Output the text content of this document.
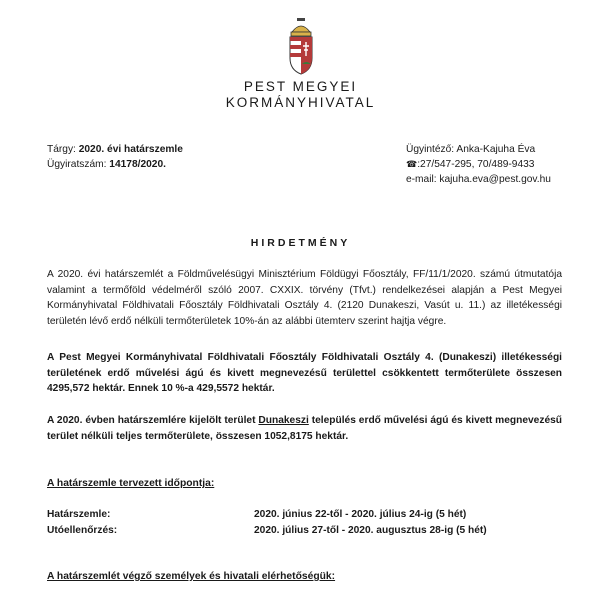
PEST MEGYEI
KORMÁNYHIVATAL
Tárgy: 2020. évi határszemle
Ügyiratszám: 14178/2020.
Ügyintéző: Anka-Kajuha Éva
☎:27/547-295, 70/489-9433
e-mail: kajuha.eva@pest.gov.hu
HIRDETMÉNY
A 2020. évi határszemlét a Földművelésügyi Minisztérium Földügyi Főosztály, FF/11/1/2020. számú útmutatója valamint a termőföld védelméről szóló 2007. CXXIX. törvény (Tfvt.) rendelkezései alapján a Pest Megyei Kormányhivatal Földhivatali Főosztály Földhivatali Osztály 4. (2120 Dunakeszi, Vasút u. 11.) az illetékességi területén lévő erdő nélküli termőterületek 10%-án az alábbi ütemterv szerint hajtja végre.
A Pest Megyei Kormányhivatal Földhivatali Főosztály Földhivatali Osztály 4. (Dunakeszi) illetékességi területének erdő művelési ágú és kivett megnevezésű területtel csökkentett termőterülete összesen 4295,572 hektár. Ennek 10 %-a 429,5572 hektár.
A 2020. évben határszemlére kijelölt terület Dunakeszi település erdő művelési ágú és kivett megnevezésű terület nélküli teljes termőterülete, összesen 1052,8175 hektár.
A határszemle tervezett időpontja:
Határszemle:	2020. június 22-től - 2020. július 24-ig (5 hét)
Utóellenőrzés:	2020. július 27-től - 2020. augusztus 28-ig (5 hét)
A határszemlét végző személyek és hivatali elérhetőségük:
